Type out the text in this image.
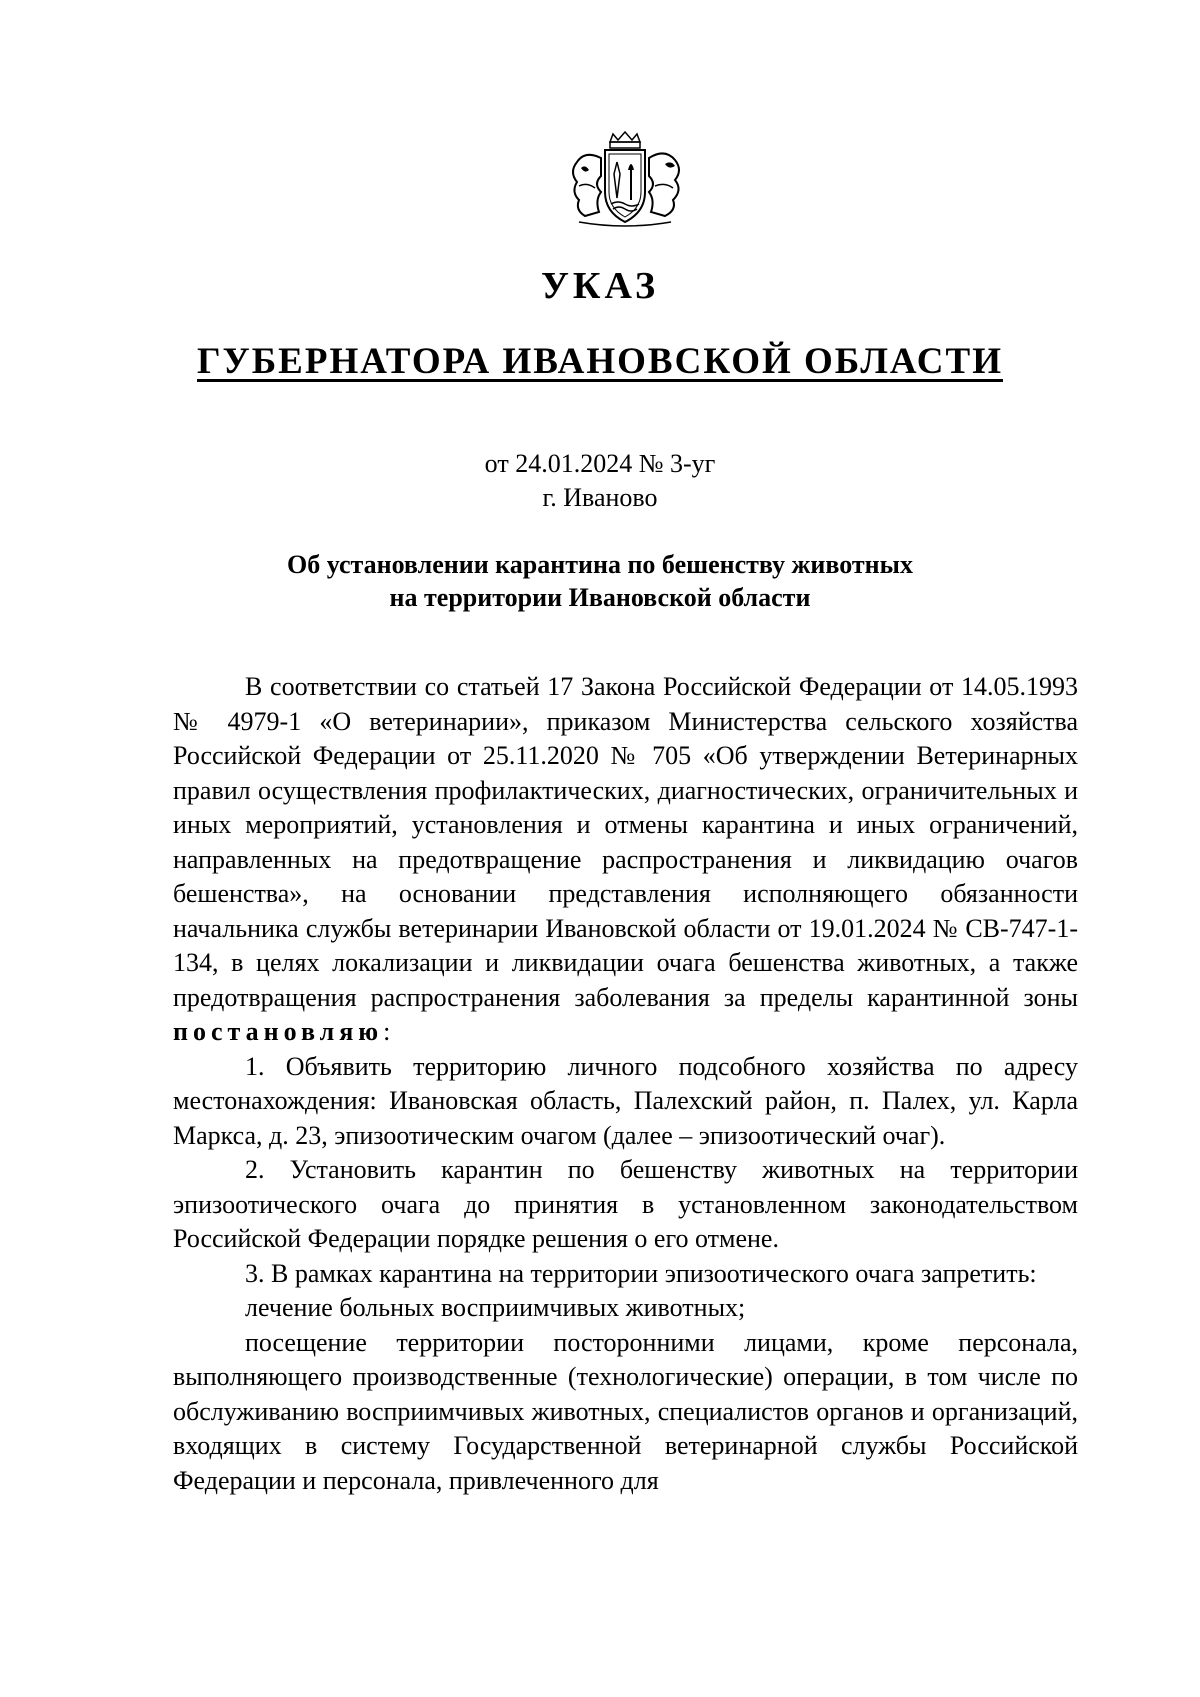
УКАЗ
ГУБЕРНАТОРА ИВАНОВСКОЙ ОБЛАСТИ
от 24.01.2024 № 3-уг
г. Иваново
Об установлении карантина по бешенству животных
на территории Ивановской области

В соответствии со статьей 17 Закона Российской Федерации от 14.05.1993 № 4979-1 «О ветеринарии», приказом Министерства сельского хозяйства Российской Федерации от 25.11.2020 № 705 «Об утверждении Ветеринарных правил осуществления профилактических, диагностических, ограничительных и иных мероприятий, установления и отмены карантина и иных ограничений, направленных на предотвращение распространения и ликвидацию очагов бешенства», на основании представления исполняющего обязанности начальника службы ветеринарии Ивановской области от 19.01.2024 № СВ-747-1-134, в целях локализации и ликвидации очага бешенства животных, а также предотвращения распространения заболевания за пределы карантинной зоны постановляю:

1. Объявить территорию личного подсобного хозяйства по адресу местонахождения: Ивановская область, Палехский район, п. Палех, ул. Карла Маркса, д. 23, эпизоотическим очагом (далее – эпизоотический очаг).

2. Установить карантин по бешенству животных на территории эпизоотического очага до принятия в установленном законодательством Российской Федерации порядке решения о его отмене.

3. В рамках карантина на территории эпизоотического очага запретить:

лечение больных восприимчивых животных;

посещение территории посторонними лицами, кроме персонала, выполняющего производственные (технологические) операции, в том числе по обслуживанию восприимчивых животных, специалистов органов и организаций, входящих в систему Государственной ветеринарной службы Российской Федерации и персонала, привлеченного для
